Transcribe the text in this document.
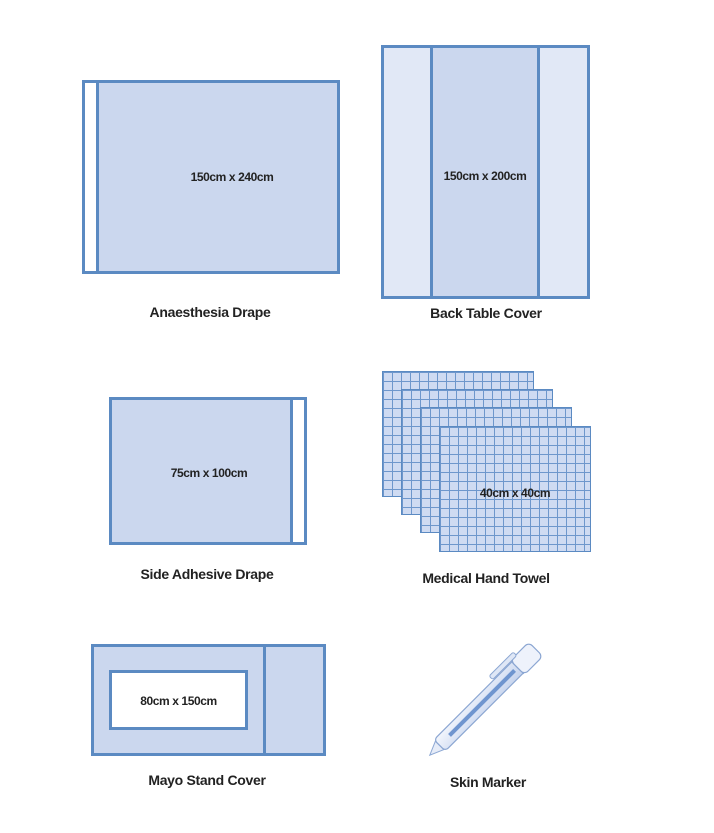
150cm x 240cm
Anaesthesia Drape
150cm x 200cm
Back Table Cover
75cm x 100cm
Side Adhesive Drape
40cm x 40cm
Medical Hand Towel
80cm x 150cm
Mayo Stand Cover	Skin Marker
